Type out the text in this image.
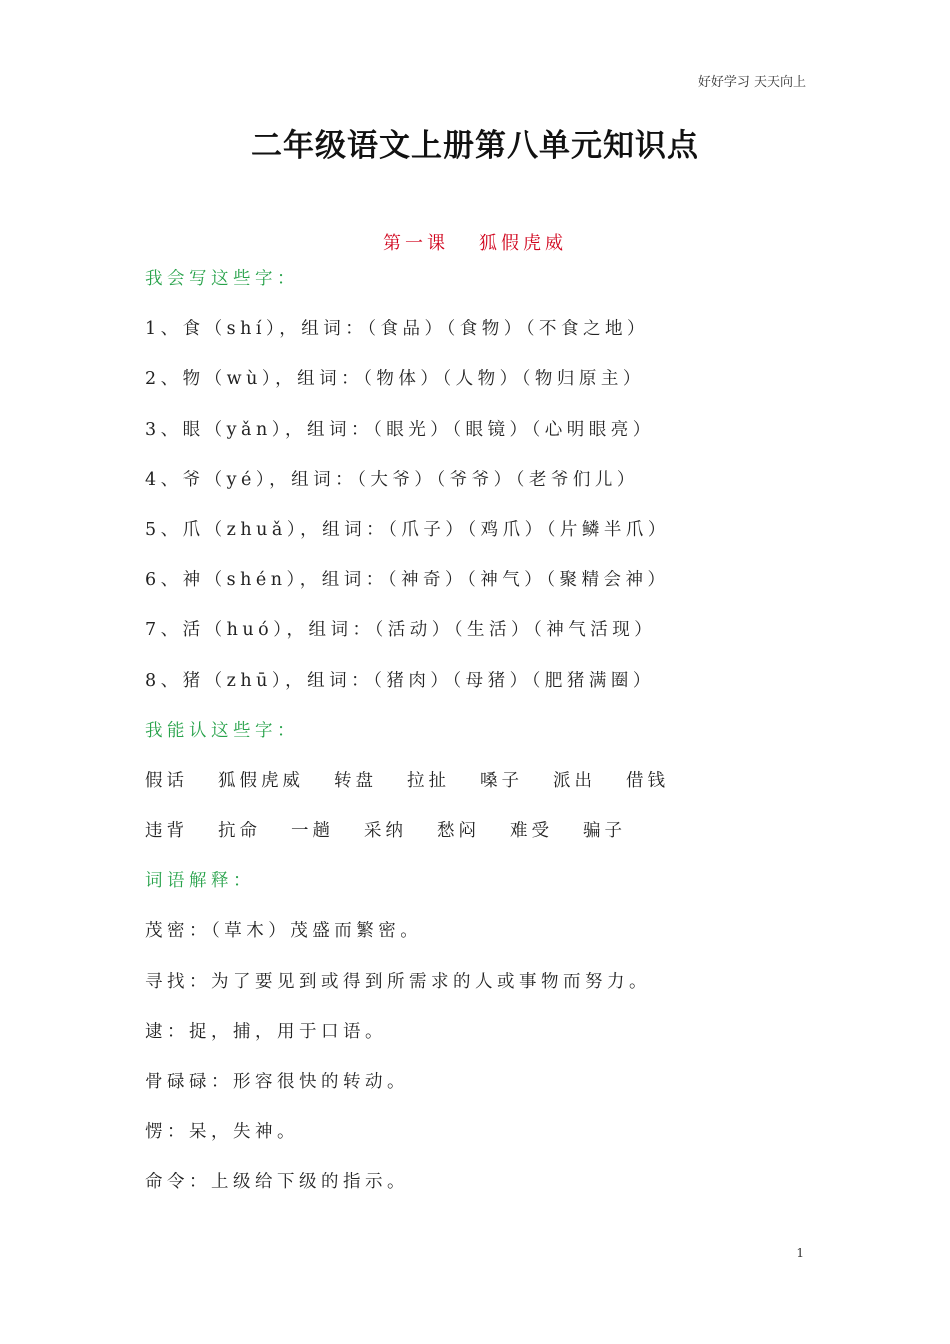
好好学习 天天向上
二年级语文上册第八单元知识点
第一课 狐假虎威
我会写这些字：
1、食（shí），组词：（食品）（食物）（不食之地）
2、物（wù），组词：（物体）（人物）（物归原主）
3、眼（yǎn），组词：（眼光）（眼镜）（心明眼亮）
4、爷（yé），组词：（大爷）（爷爷）（老爷们儿）
5、爪（zhuǎ），组词：（爪子）（鸡爪）（片鳞半爪）
6、神（shén），组词：（神奇）（神气）（聚精会神）
7、活（huó），组词：（活动）（生活）（神气活现）
8、猪（zhū），组词：（猪肉）（母猪）（肥猪满圈）
我能认这些字：
假话 狐假虎威 转盘 拉扯 嗓子 派出 借钱
违背 抗命 一趟 采纳 愁闷 难受 骗子
词语解释：
茂密：（草木）茂盛而繁密。
寻找：为了要见到或得到所需求的人或事物而努力。
逮：捉，捕，用于口语。
骨碌碌：形容很快的转动。
愣：呆，失神。
命令：上级给下级的指示。
1
